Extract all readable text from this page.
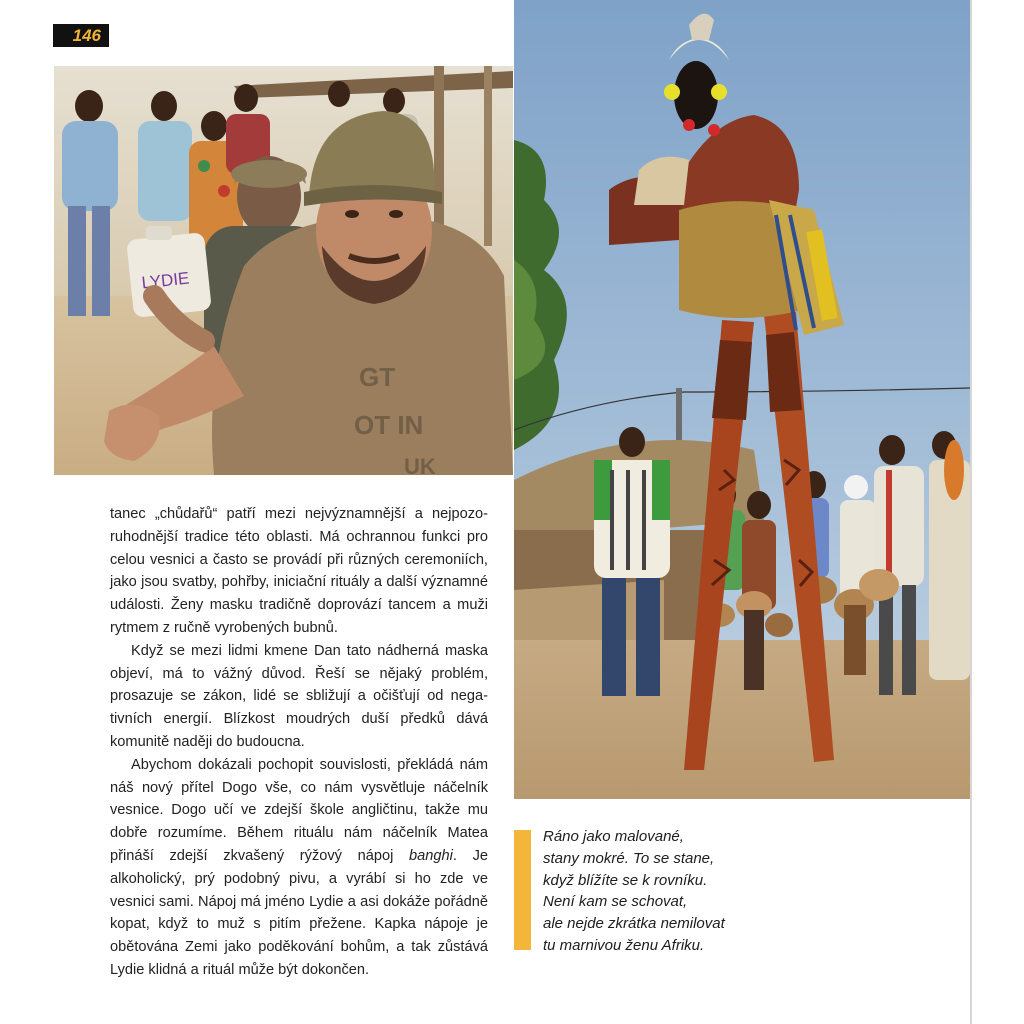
146
LYDIE
GT
OT IN
UK

tanec „chůdařů“ patří mezi nejvýznamnější a nejpozoruhodnější tradice této oblasti. Má ochrannou funkci pro celou vesnici a často se provádí při různých ceremoniích, jako jsou svatby, pohřby, iniciační rituály a další významné události. Ženy masku tradičně doprovází tancem a muži rytmem z ručně vyrobených bubnů.

Když se mezi lidmi kmene Dan tato nádherná maska objeví, má to vážný důvod. Řeší se nějaký problém, prosazuje se zákon, lidé se sbližují a očišťují od negativních energií. Blízkost moudrých duší předků dává komunitě naději do budoucna.

Abychom dokázali pochopit souvislosti, překládá nám náš nový přítel Dogo vše, co nám vysvětluje náčelník vesnice. Dogo učí ve zdejší škole angličtinu, takže mu dobře rozumíme. Během rituálu nám náčelník Matea přináší zdejší zkvašený rýžový nápoj banghi. Je alkoholický, prý podobný pivu, a vyrábí si ho zde ve vesnici sami. Nápoj má jméno Lydie a asi dokáže pořádně kopat, když to muž s pitím přežene. Kapka nápoje je obětována Zemi jako poděkování bohům, a tak zůstává Lydie klidná a rituál může být dokončen.

Ráno jako malované,
stany mokré. To se stane,
když blížíte se k rovníku.
Není kam se schovat,
ale nejde zkrátka nemilovat
tu marnivou ženu Afriku.
